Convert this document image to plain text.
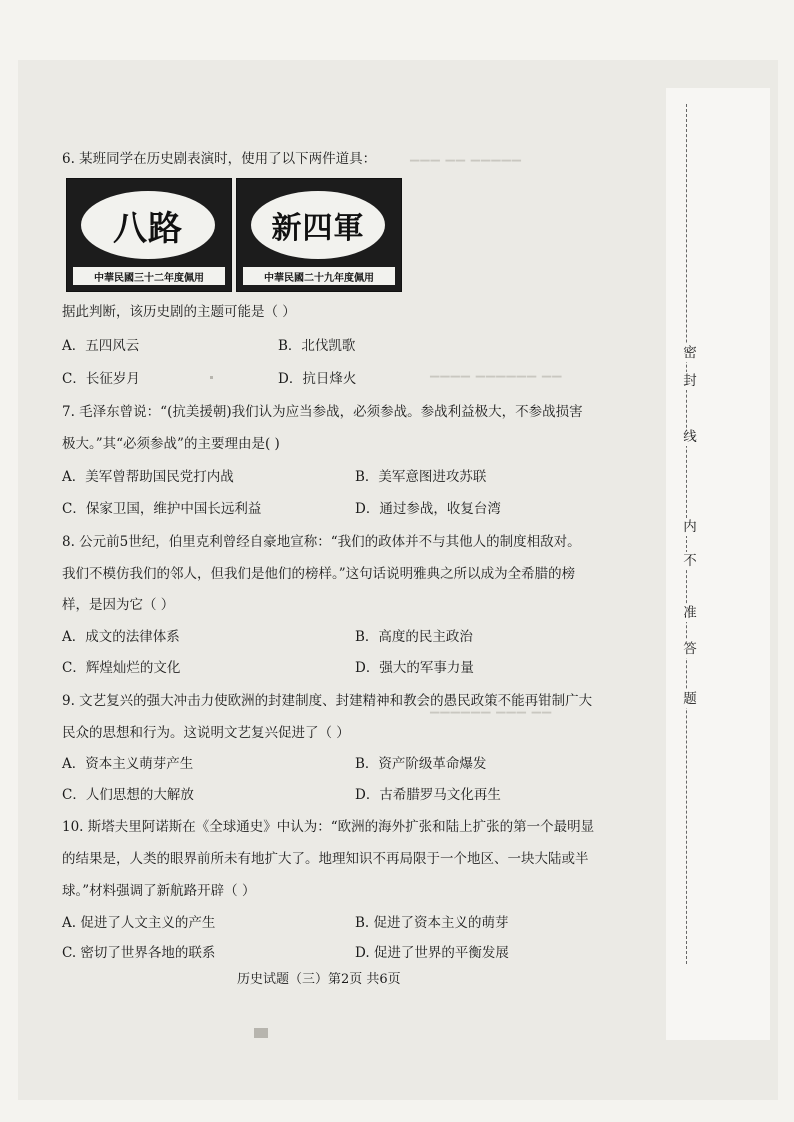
▔▔▔ ▔▔ ▔▔▔▔▔
▔▔▔▔ ▔▔▔▔▔▔ ▔▔
▔▔▔▔▔▔ ▔▔▔ ▔▔
6. 某班同学在历史剧表演时，使用了以下两件道具：
八路
中華民國三十二年度佩用
新四軍
中華民國二十九年度佩用
据此判断，该历史剧的主题可能是（ ）
A．五四风云	B．北伐凯歌
C．长征岁月	D．抗日烽火
7. 毛泽东曾说：“(抗美援朝)我们认为应当参战，必须参战。参战利益极大，不参战损害
极大。”其“必须参战”的主要理由是( )
A．美军曾帮助国民党打内战	B．美军意图进攻苏联
C．保家卫国，维护中国长远利益	D．通过参战，收复台湾
8. 公元前5世纪，伯里克利曾经自豪地宣称：“我们的政体并不与其他人的制度相敌对。
我们不模仿我们的邻人，但我们是他们的榜样。”这句话说明雅典之所以成为全希腊的榜
样，是因为它（ ）
A．成文的法律体系	B．高度的民主政治
C．辉煌灿烂的文化	D．强大的军事力量
9. 文艺复兴的强大冲击力使欧洲的封建制度、封建精神和教会的愚民政策不能再钳制广大
民众的思想和行为。这说明文艺复兴促进了（ ）
A．资本主义萌芽产生	B．资产阶级革命爆发
C．人们思想的大解放	D．古希腊罗马文化再生
10. 斯塔夫里阿诺斯在《全球通史》中认为：“欧洲的海外扩张和陆上扩张的第一个最明显
的结果是，人类的眼界前所未有地扩大了。地理知识不再局限于一个地区、一块大陆或半
球。”材料强调了新航路开辟（ ）
A. 促进了人文主义的产生	B. 促进了资本主义的萌芽
C. 密切了世界各地的联系	D. 促进了世界的平衡发展
历史试题（三）第2页 共6页
密
封
线
内
不
准
答
题
